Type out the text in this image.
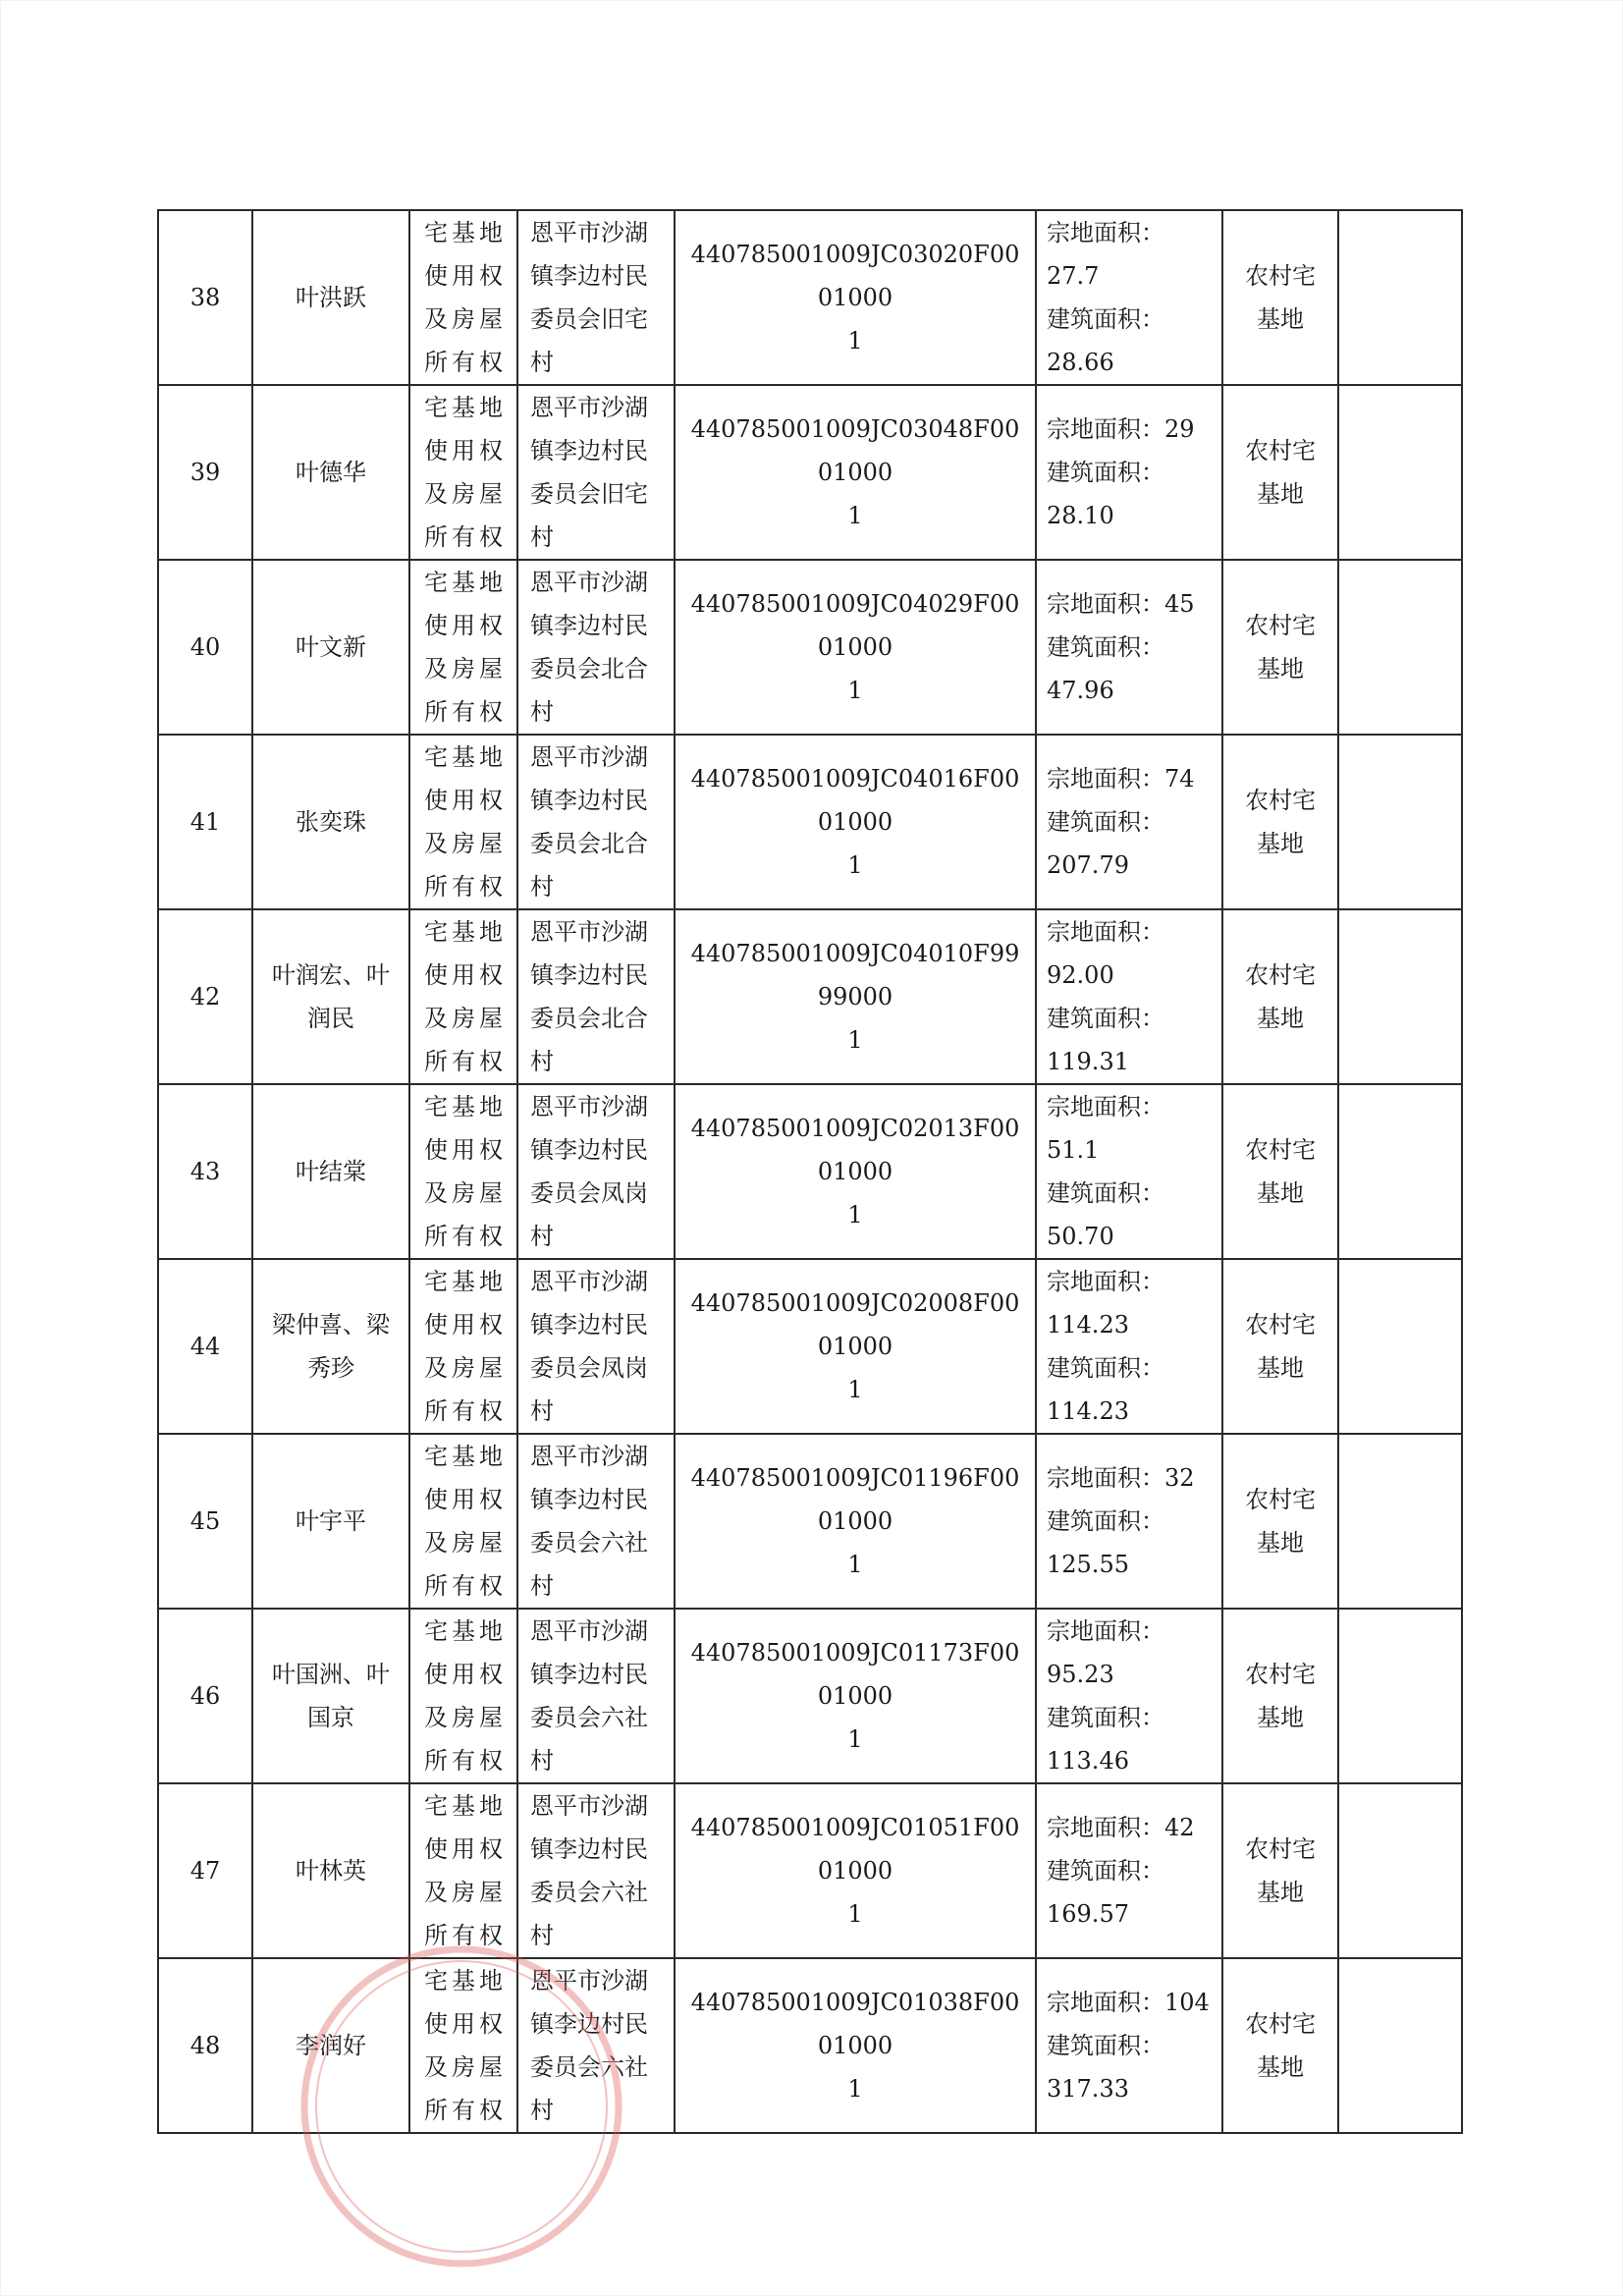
38	叶洪跃	宅基地
使用权
及房屋
所有权	恩平市沙湖
镇李边村民
委员会旧宅
村	440785001009JC03020F0001000
1	宗地面积：27.7
建筑面积：28.66	农村宅
基地	

39	叶德华	宅基地
使用权
及房屋
所有权	恩平市沙湖
镇李边村民
委员会旧宅
村	440785001009JC03048F0001000
1	宗地面积：29
建筑面积：28.10	农村宅
基地	

40	叶文新	宅基地
使用权
及房屋
所有权	恩平市沙湖
镇李边村民
委员会北合
村	440785001009JC04029F0001000
1	宗地面积：45
建筑面积：47.96	农村宅
基地	

41	张奕珠	宅基地
使用权
及房屋
所有权	恩平市沙湖
镇李边村民
委员会北合
村	440785001009JC04016F0001000
1	宗地面积：74
建筑面积：
207.79	农村宅
基地	

42	叶润宏、叶
润民	宅基地
使用权
及房屋
所有权	恩平市沙湖
镇李边村民
委员会北合
村	440785001009JC04010F9999000
1	宗地面积：92.00
建筑面积：
119.31	农村宅
基地	

43	叶结棠	宅基地
使用权
及房屋
所有权	恩平市沙湖
镇李边村民
委员会凤岗
村	440785001009JC02013F0001000
1	宗地面积：51.1
建筑面积：50.70	农村宅
基地	

44	梁仲喜、梁
秀珍	宅基地
使用权
及房屋
所有权	恩平市沙湖
镇李边村民
委员会凤岗
村	440785001009JC02008F0001000
1	宗地面积：
114.23
建筑面积：
114.23	农村宅
基地	

45	叶宇平	宅基地
使用权
及房屋
所有权	恩平市沙湖
镇李边村民
委员会六社
村	440785001009JC01196F0001000
1	宗地面积：32
建筑面积：
125.55	农村宅
基地	

46	叶国洲、叶
国京	宅基地
使用权
及房屋
所有权	恩平市沙湖
镇李边村民
委员会六社
村	440785001009JC01173F0001000
1	宗地面积：95.23
建筑面积：
113.46	农村宅
基地	

47	叶林英	宅基地
使用权
及房屋
所有权	恩平市沙湖
镇李边村民
委员会六社
村	440785001009JC01051F0001000
1	宗地面积：42
建筑面积：
169.57	农村宅
基地	

48	李润好	宅基地
使用权
及房屋
所有权	恩平市沙湖
镇李边村民
委员会六社
村	440785001009JC01038F0001000
1	宗地面积：104
建筑面积：
317.33	农村宅
基地	
